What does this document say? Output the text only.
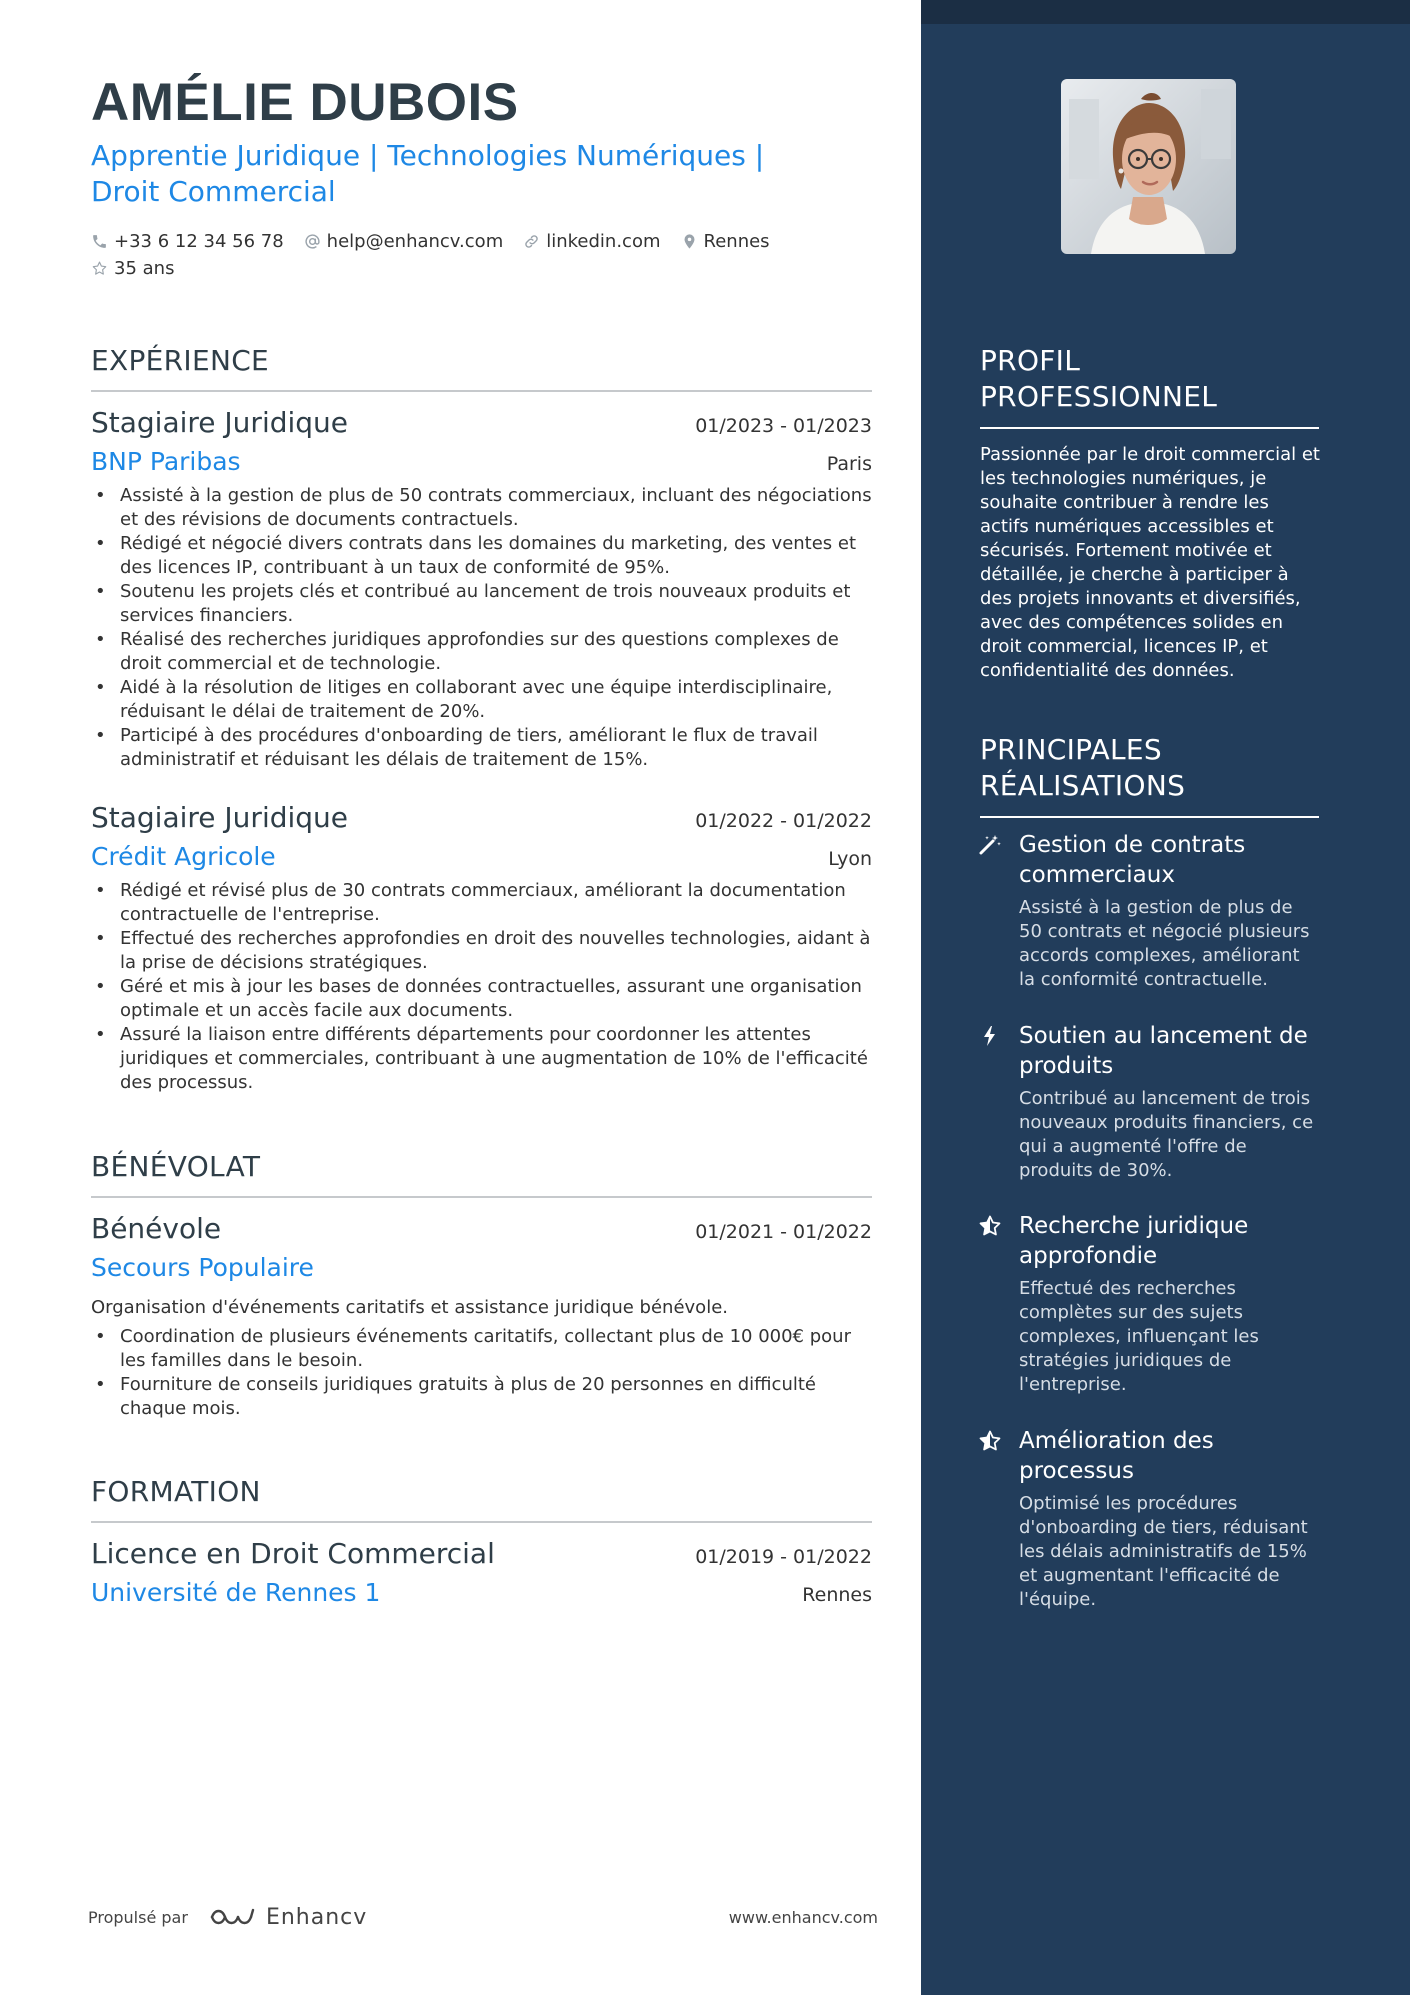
AMÉLIE DUBOIS
Apprentie Juridique | Technologies Numériques |
Droit Commercial
+33 6 12 34 56 78 help@enhancv.com linkedin.com Rennes
35 ans
EXPÉRIENCE
Stagiaire Juridique	01/2023 - 01/2023
BNP Paribas	Paris
• Assisté à la gestion de plus de 50 contrats commerciaux, incluant des négociations et des révisions de documents contractuels.
• Rédigé et négocié divers contrats dans les domaines du marketing, des ventes et des licences IP, contribuant à un taux de conformité de 95%.
• Soutenu les projets clés et contribué au lancement de trois nouveaux produits et services financiers.
• Réalisé des recherches juridiques approfondies sur des questions complexes de droit commercial et de technologie.
• Aidé à la résolution de litiges en collaborant avec une équipe interdisciplinaire, réduisant le délai de traitement de 20%.
• Participé à des procédures d'onboarding de tiers, améliorant le flux de travail administratif et réduisant les délais de traitement de 15%.
Stagiaire Juridique	01/2022 - 01/2022
Crédit Agricole	Lyon
• Rédigé et révisé plus de 30 contrats commerciaux, améliorant la documentation contractuelle de l'entreprise.
• Effectué des recherches approfondies en droit des nouvelles technologies, aidant à la prise de décisions stratégiques.
• Géré et mis à jour les bases de données contractuelles, assurant une organisation optimale et un accès facile aux documents.
• Assuré la liaison entre différents départements pour coordonner les attentes juridiques et commerciales, contribuant à une augmentation de 10% de l'efficacité des processus.
BÉNÉVOLAT
Bénévole	01/2021 - 01/2022
Secours Populaire
Organisation d'événements caritatifs et assistance juridique bénévole.
• Coordination de plusieurs événements caritatifs, collectant plus de 10 000€ pour les familles dans le besoin.
• Fourniture de conseils juridiques gratuits à plus de 20 personnes en difficulté chaque mois.
FORMATION
Licence en Droit Commercial	01/2019 - 01/2022
Université de Rennes 1	Rennes
Propulsé par	Enhancv	www.enhancv.com
PROFIL
PROFESSIONNEL
Passionnée par le droit commercial et les technologies numériques, je souhaite contribuer à rendre les actifs numériques accessibles et sécurisés. Fortement motivée et détaillée, je cherche à participer à des projets innovants et diversifiés, avec des compétences solides en droit commercial, licences IP, et confidentialité des données.
PRINCIPALES
RÉALISATIONS
Gestion de contrats commerciaux
Assisté à la gestion de plus de 50 contrats et négocié plusieurs accords complexes, améliorant la conformité contractuelle.
Soutien au lancement de produits
Contribué au lancement de trois nouveaux produits financiers, ce qui a augmenté l'offre de produits de 30%.
Recherche juridique approfondie
Effectué des recherches complètes sur des sujets complexes, influençant les stratégies juridiques de l'entreprise.
Amélioration des processus
Optimisé les procédures d'onboarding de tiers, réduisant les délais administratifs de 15% et augmentant l'efficacité de l'équipe.
